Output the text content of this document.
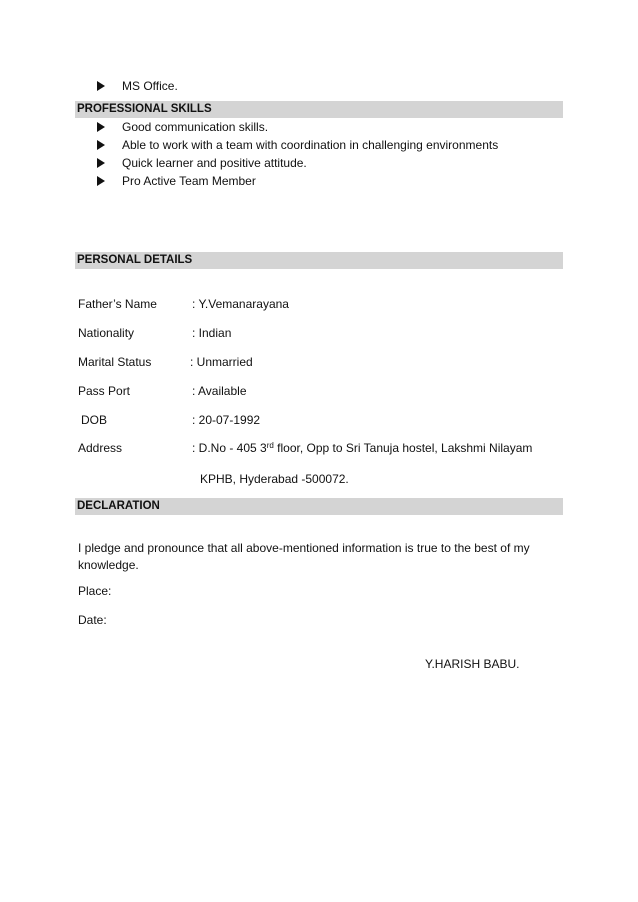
MS Office.
PROFESSIONAL SKILLS
Good communication skills.
Able to work with a team with coordination in challenging environments
Quick learner and positive attitude.
Pro Active Team Member
PERSONAL DETAILS
Father’s Name	: Y.Vemanarayana
Nationality	: Indian
Marital Status	: Unmarried
Pass Port	: Available
DOB	: 20-07-1992
Address	: D.No - 405 3rd floor, Opp to Sri Tanuja hostel, Lakshmi Nilayam
KPHB, Hyderabad -500072.
DECLARATION
I pledge and pronounce that all above-mentioned information is true to the best of my
knowledge.
Place:
Date:
Y.HARISH BABU.
